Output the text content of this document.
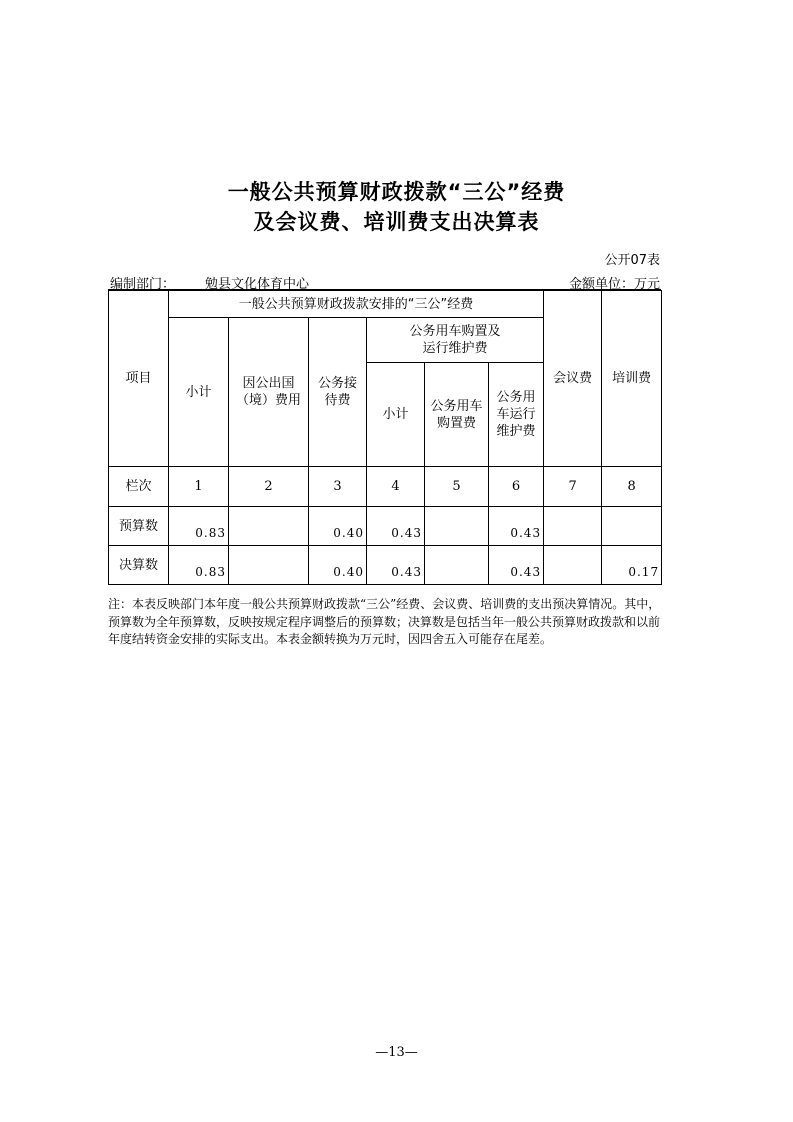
一般公共预算财政拨款“三公”经费
及会议费、培训费支出决算表
公开07表
编制部门： 勉县文化体育中心	金额单位：万元
项目	一般公共预算财政拨款安排的“三公”经费						会议费	培训费
	小计	因公出国（境）费用	公务接待费	公务用车购置及运行维护费				
				小计	公务用车购置费	公务用车运行维护费		
栏次	1	2	3	4	5	6	7	8
预算数	0.83		0.40	0.43		0.43		
决算数	0.83		0.40	0.43		0.43		0.17
注：本表反映部门本年度一般公共预算财政拨款“三公”经费、会议费、培训费的支出预决算情况。其中，预算数为全年预算数，反映按规定程序调整后的预算数；决算数是包括当年一般公共预算财政拨款和以前年度结转资金安排的实际支出。本表金额转换为万元时，因四舍五入可能存在尾差。
—13—
